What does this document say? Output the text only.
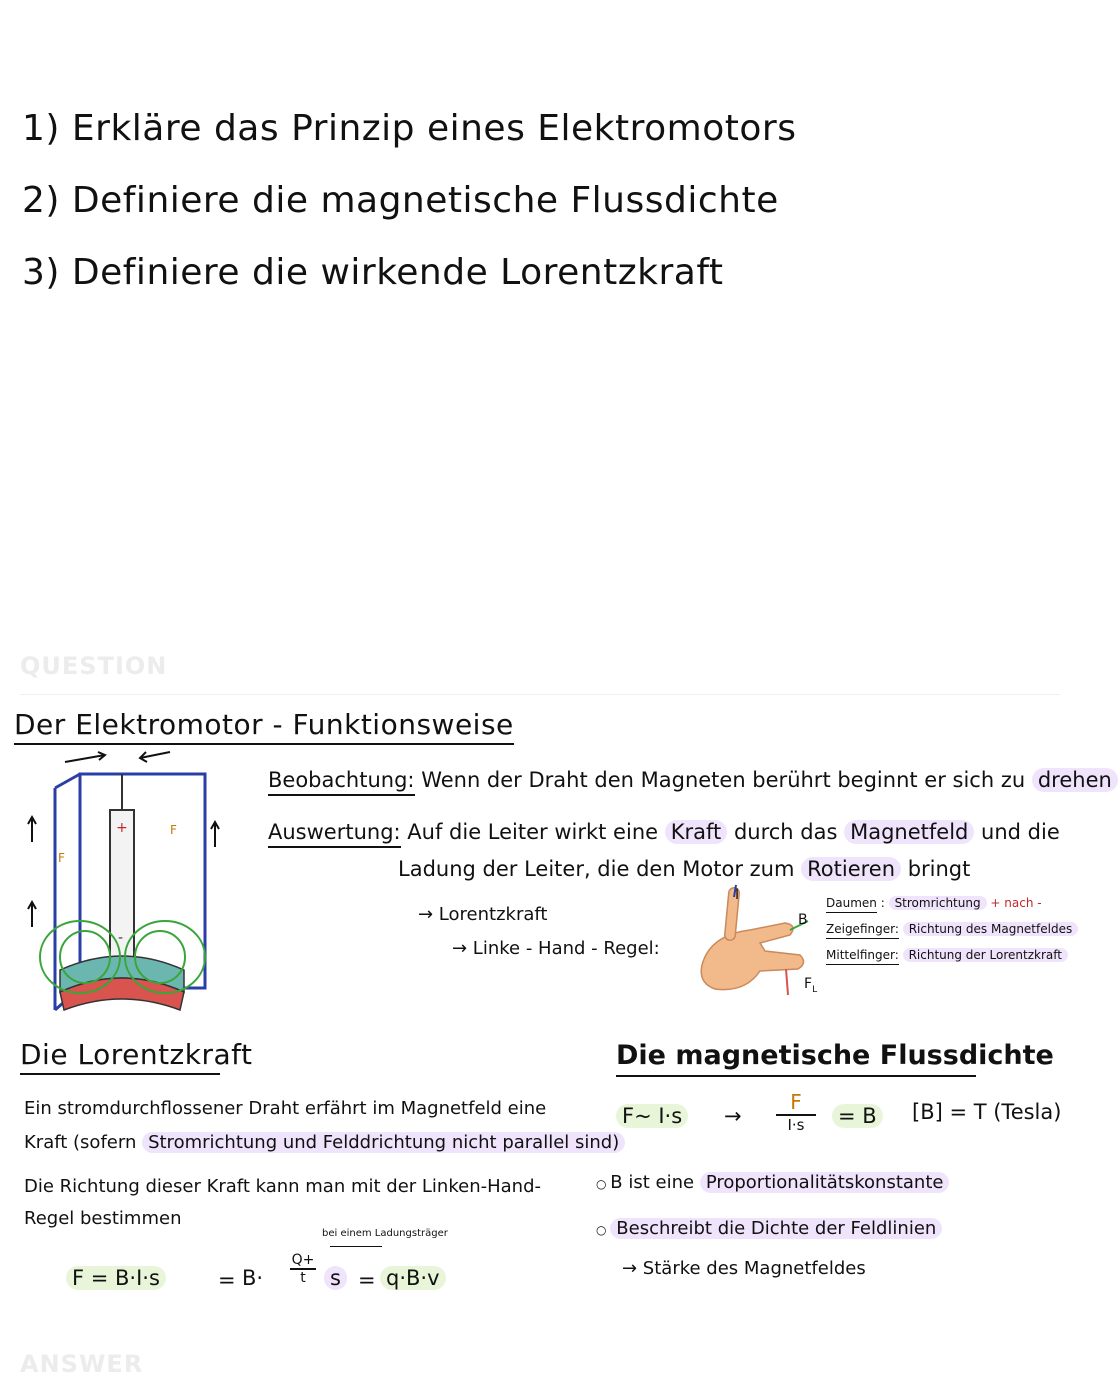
1) Erkläre das Prinzip eines Elektromotors
2) Definiere die magnetische Flussdichte
3) Definiere die wirkende Lorentzkraft
QUESTION
Der Elektromotor - Funktionsweise
+
-
F
F
Beobachtung: Wenn der Draht den Magneten berührt beginnt er sich zu drehen
Auswertung: Auf die Leiter wirkt eine Kraft durch das Magnetfeld und die
Ladung der Leiter, die den Motor zum Rotieren bringt
→ Lorentzkraft
→ Linke - Hand - Regel:
I
B
$F_L$
Daumen : Stromrichtung + nach -
Zeigefinger: Richtung des Magnetfeldes
Mittelfinger: Richtung der Lorentzkraft
Die Lorentzkraft
Ein stromdurchflossener Draht erfährt im Magnetfeld eine
Kraft (sofern Stromrichtung und Felddrichtung nicht parallel sind)
Die Richtung dieser Kraft kann man mit der Linken-Hand-
Regel bestimmen
bei einem Ladungsträger
F = B·I·s	= B·
Q+
t	s = q·B·v
ANSWER
Die magnetische Flussdichte
F~ I·s →
F
I·s	= B [B] = T (Tesla)
○ B ist eine Proportionalitätskonstante
○ Beschreibt die Dichte der Feldlinien
→ Stärke des Magnetfeldes
